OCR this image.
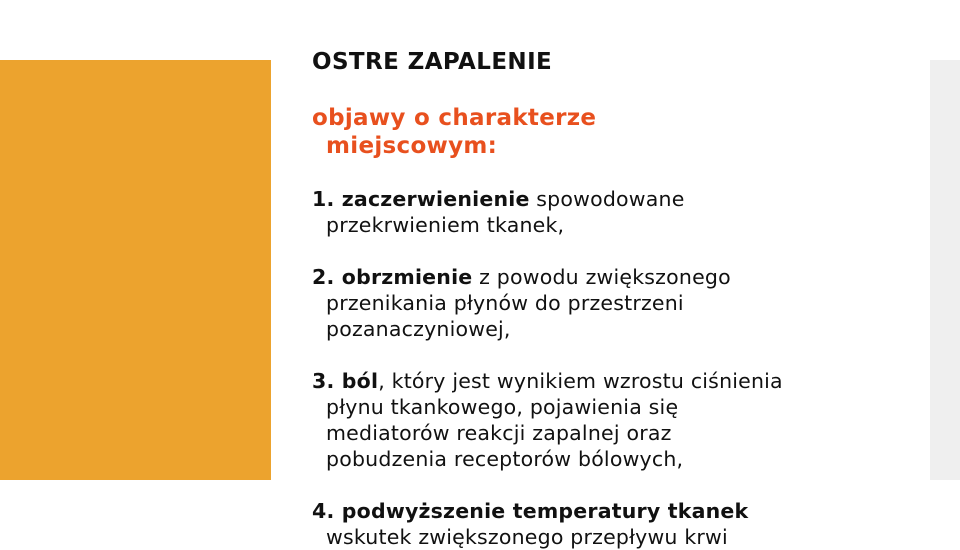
OSTRE ZAPALENIE
objawy o charakterze
miejscowym:
1. zaczerwienienie spowodowane
przekrwieniem tkanek,
2. obrzmienie z powodu zwiększonego
przenikania płynów do przestrzeni
pozanaczyniowej,
3. ból, który jest wynikiem wzrostu ciśnienia
płynu tkankowego, pojawienia się
mediatorów reakcji zapalnej oraz
pobudzenia receptorów bólowych,
4. podwyższenie temperatury tkanek
wskutek zwiększonego przepływu krwi
